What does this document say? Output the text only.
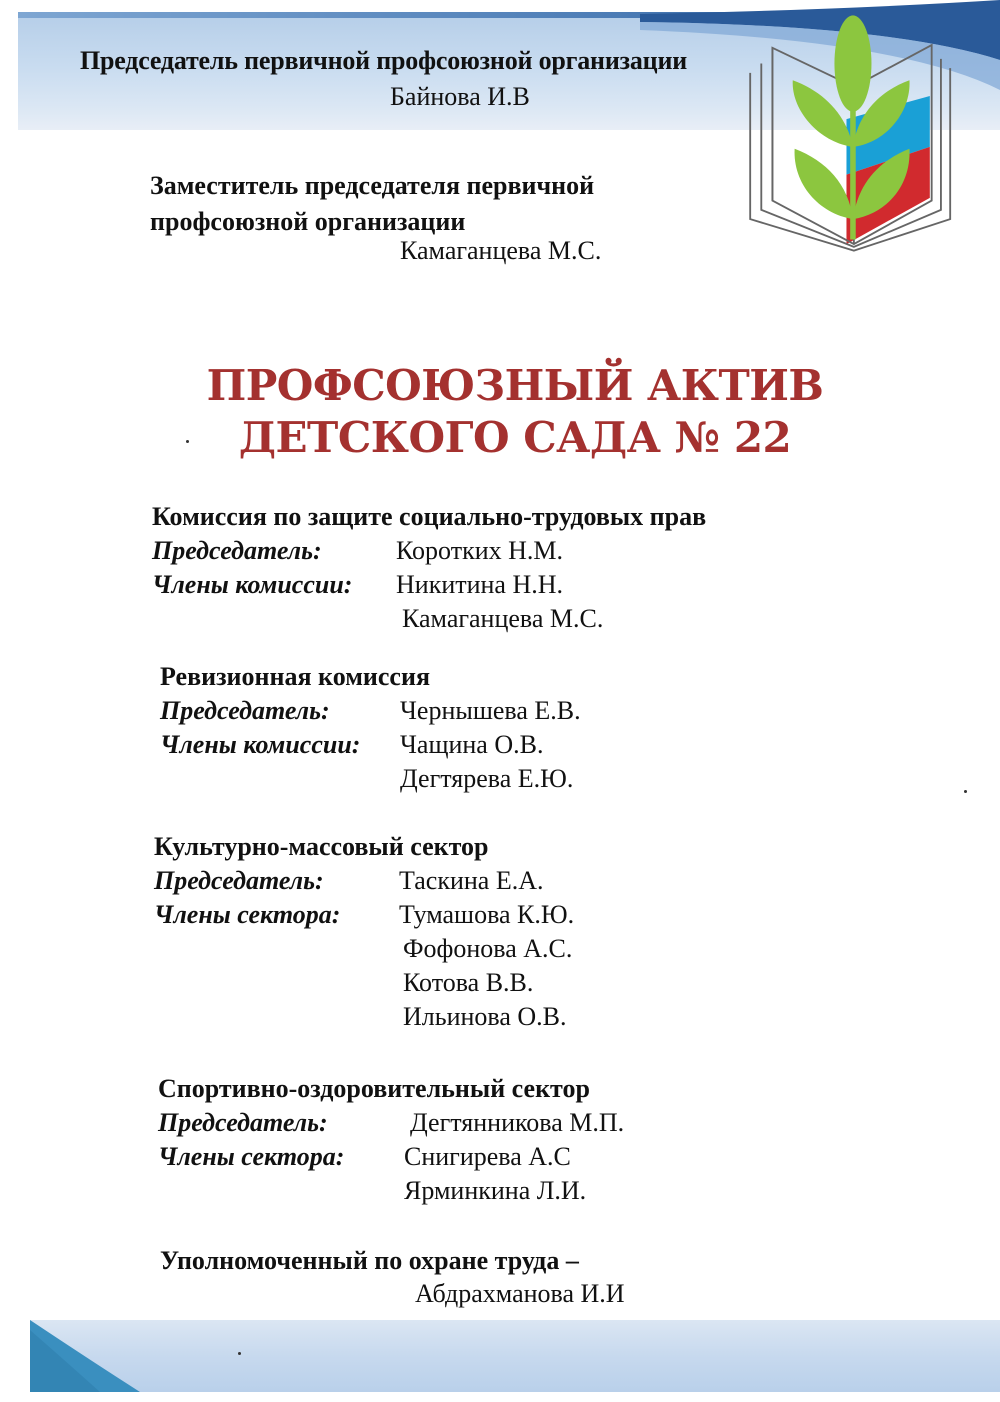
Председатель первичной профсоюзной организации
Байнова И.В
Заместитель председателя первичной
профсоюзной организации
Камаганцева М.С.
ПРОФСОЮЗНЫЙ АКТИВ
ДЕТСКОГО САДА № 22
Комиссия по защите социально-трудовых прав
Председатель:	Коротких Н.М.
Члены комиссии:	Никитина Н.Н.
Камаганцева М.С.
Ревизионная комиссия
Председатель:	Чернышева Е.В.
Члены комиссии:	Чащина О.В.
Дегтярева Е.Ю.
Культурно-массовый сектор
Председатель:	Таскина Е.А.
Члены сектора:	Тумашова К.Ю.
Фофонова А.С.
Котова В.В.
Ильинова О.В.
Спортивно-оздоровительный сектор
Председатель:	Дегтянникова М.П.
Члены сектора:	Снигирева А.С
Ярминкина Л.И.
Уполномоченный по охране труда –
Абдрахманова И.И
